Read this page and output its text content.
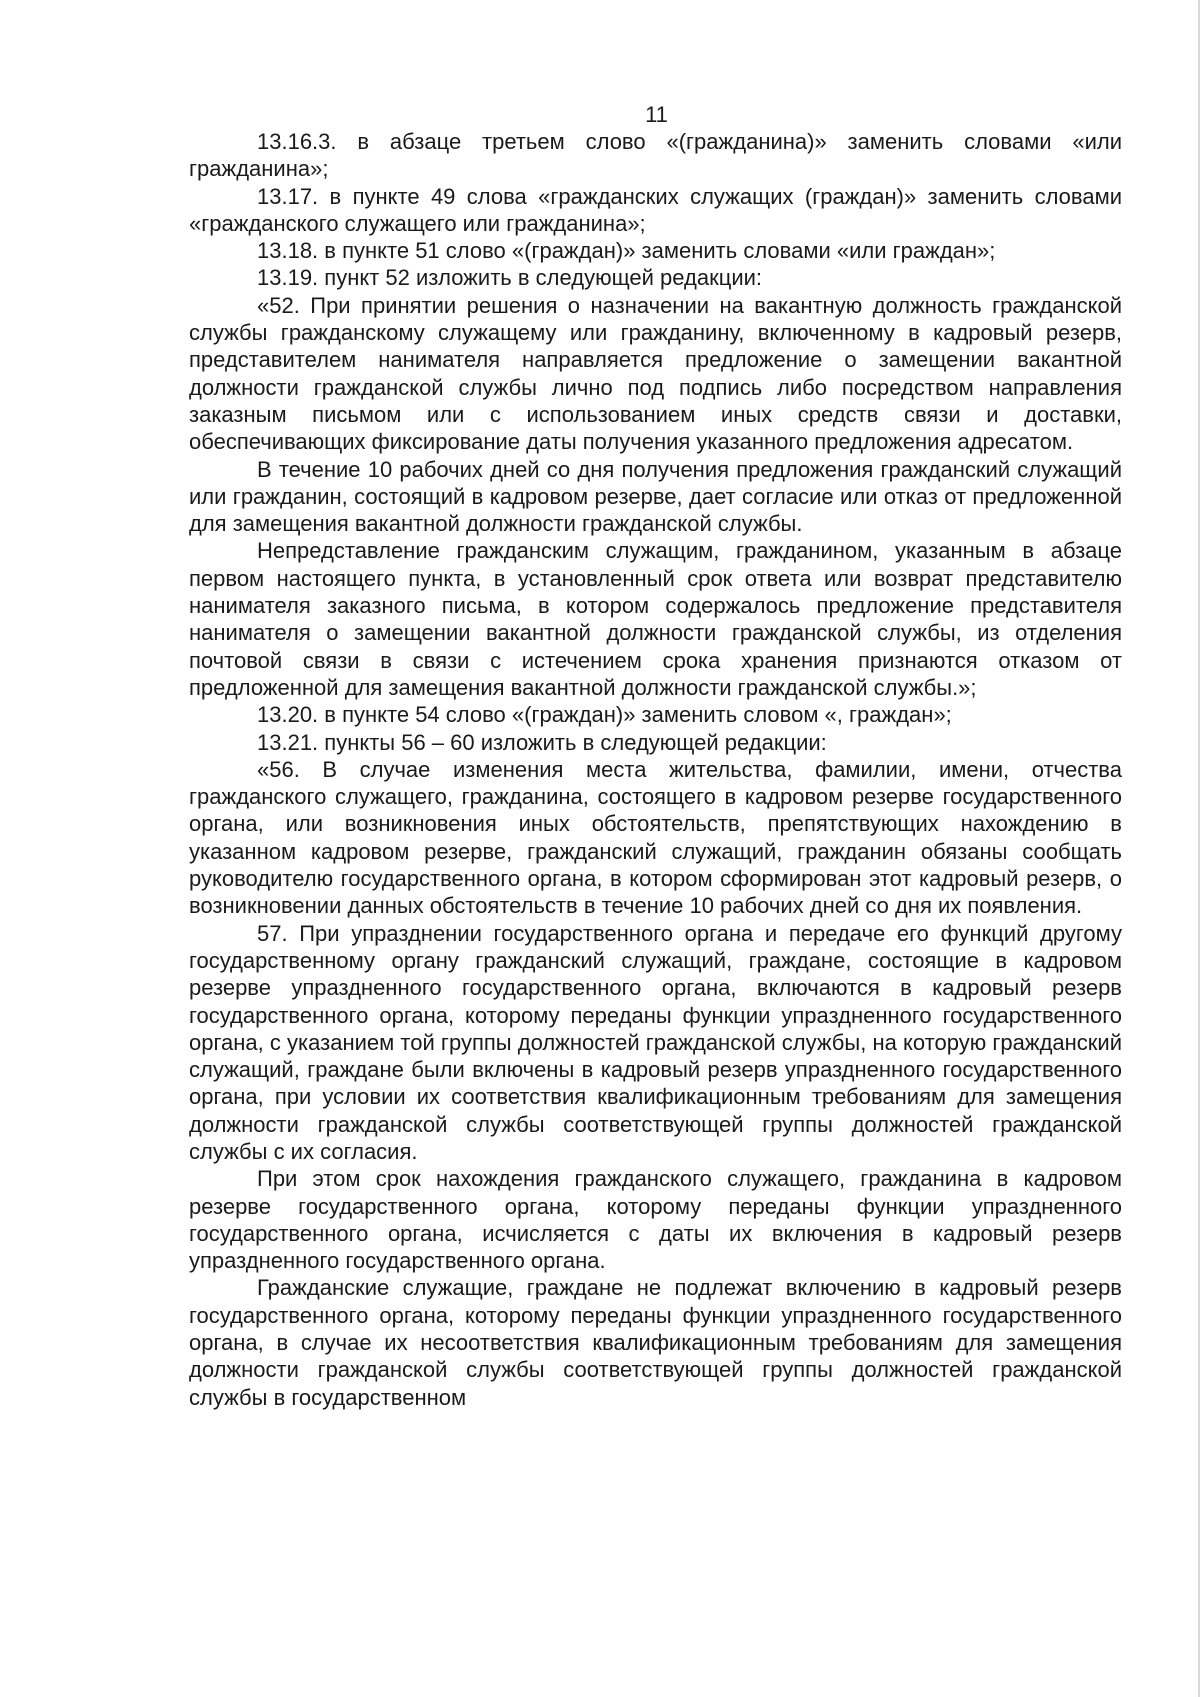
11

13.16.3. в абзаце третьем слово «(гражданина)» заменить словами «или гражданина»;

13.17. в пункте 49 слова «гражданских служащих (граждан)» заменить словами «гражданского служащего или гражданина»;

13.18. в пункте 51 слово «(граждан)» заменить словами «или граждан»;

13.19. пункт 52 изложить в следующей редакции:

«52. При принятии решения о назначении на вакантную должность гражданской службы гражданскому служащему или гражданину, включенному в кадровый резерв, представителем нанимателя направляется предложение о замещении вакантной должности гражданской службы лично под подпись либо посредством направления заказным письмом или с использованием иных средств связи и доставки, обеспечивающих фиксирование даты получения указанного предложения адресатом.

В течение 10 рабочих дней со дня получения предложения гражданский служащий или гражданин, состоящий в кадровом резерве, дает согласие или отказ от предложенной для замещения вакантной должности гражданской службы.

Непредставление гражданским служащим, гражданином, указанным в абзаце первом настоящего пункта, в установленный срок ответа или возврат представителю нанимателя заказного письма, в котором содержалось предложение представителя нанимателя о замещении вакантной должности гражданской службы, из отделения почтовой связи в связи с истечением срока хранения признаются отказом от предложенной для замещения вакантной должности гражданской службы.»;

13.20. в пункте 54 слово «(граждан)» заменить словом «, граждан»;

13.21. пункты 56 – 60 изложить в следующей редакции:

«56. В случае изменения места жительства, фамилии, имени, отчества гражданского служащего, гражданина, состоящего в кадровом резерве государственного органа, или возникновения иных обстоятельств, препятствующих нахождению в указанном кадровом резерве, гражданский служащий, гражданин обязаны сообщать руководителю государственного органа, в котором сформирован этот кадровый резерв, о возникновении данных обстоятельств в течение 10 рабочих дней со дня их появления.

57. При упразднении государственного органа и передаче его функций другому государственному органу гражданский служащий, граждане, состоящие в кадровом резерве упраздненного государственного органа, включаются в кадровый резерв государственного органа, которому переданы функции упраздненного государственного органа, с указанием той группы должностей гражданской службы, на которую гражданский служащий, граждане были включены в кадровый резерв упраздненного государственного органа, при условии их соответствия квалификационным требованиям для замещения должности гражданской службы соответствующей группы должностей гражданской службы с их согласия.

При этом срок нахождения гражданского служащего, гражданина в кадровом резерве государственного органа, которому переданы функции упраздненного государственного органа, исчисляется с даты их включения в кадровый резерв упраздненного государственного органа.

Гражданские служащие, граждане не подлежат включению в кадровый резерв государственного органа, которому переданы функции упраздненного государственного органа, в случае их несоответствия квалификационным требованиям для замещения должности гражданской службы соответствующей группы должностей гражданской службы в государственном
